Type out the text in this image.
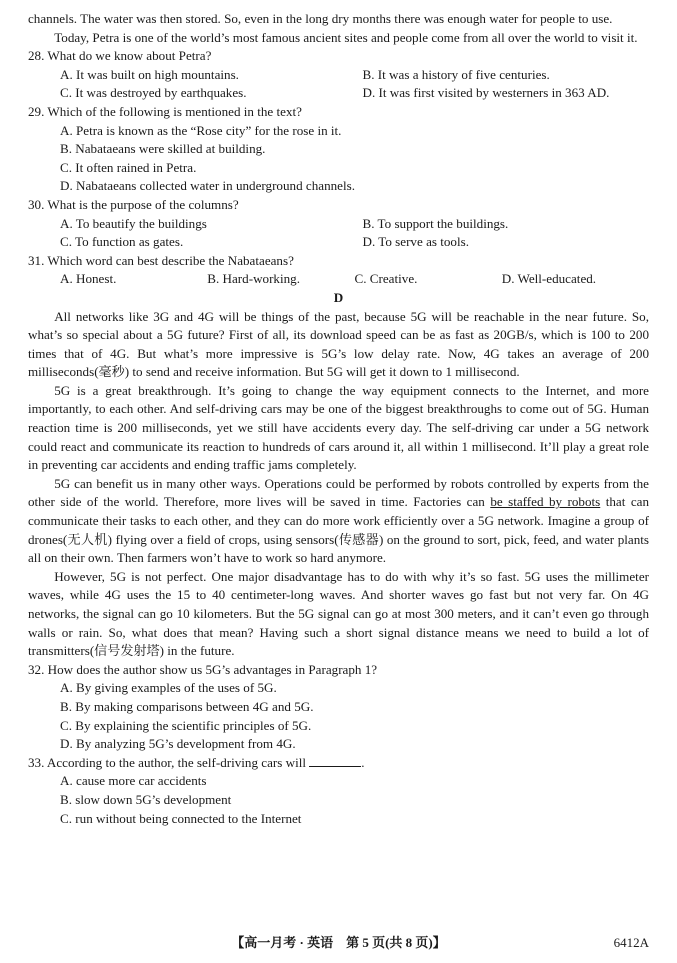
channels. The water was then stored. So, even in the long dry months there was enough water for people to use.

Today, Petra is one of the world’s most famous ancient sites and people come from all over the world to visit it.

28. What do we know about Petra?
A. It was built on high mountains.	B. It was a history of five centuries.
C. It was destroyed by earthquakes.	D. It was first visited by westerners in 363 AD.
29. Which of the following is mentioned in the text?
A. Petra is known as the “Rose city” for the rose in it.
B. Nabataeans were skilled at building.
C. It often rained in Petra.
D. Nabataeans collected water in underground channels.
30. What is the purpose of the columns?
A. To beautify the buildings	B. To support the buildings.
C. To function as gates.	D. To serve as tools.
31. Which word can best describe the Nabataeans?
A. Honest.	B. Hard-working.	C. Creative.	D. Well-educated.
D

All networks like 3G and 4G will be things of the past, because 5G will be reachable in the near future. So, what’s so special about a 5G future? First of all, its download speed can be as fast as 20GB/s, which is 100 to 200 times that of 4G. But what’s more impressive is 5G’s low delay rate. Now, 4G takes an average of 200 milliseconds(毫秒) to send and receive information. But 5G will get it down to 1 millisecond.

5G is a great breakthrough. It’s going to change the way equipment connects to the Internet, and more importantly, to each other. And self-driving cars may be one of the biggest breakthroughs to come out of 5G. Human reaction time is 200 milliseconds, yet we still have accidents every day. The self-driving car under a 5G network could react and communicate its reaction to hundreds of cars around it, all within 1 millisecond. It’ll play a great role in preventing car accidents and ending traffic jams completely.

5G can benefit us in many other ways. Operations could be performed by robots controlled by experts from the other side of the world. Therefore, more lives will be saved in time. Factories can be staffed by robots that can communicate their tasks to each other, and they can do more work efficiently over a 5G network. Imagine a group of drones(无人机) flying over a field of crops, using sensors(传感器) on the ground to sort, pick, feed, and water plants all on their own. Then farmers won’t have to work so hard anymore.

However, 5G is not perfect. One major disadvantage has to do with why it’s so fast. 5G uses the millimeter waves, while 4G uses the 15 to 40 centimeter-long waves. And shorter waves go fast but not very far. On 4G networks, the signal can go 10 kilometers. But the 5G signal can go at most 300 meters, and it can’t even go through walls or rain. So, what does that mean? Having such a short signal distance means we need to build a lot of transmitters(信号发射塔) in the future.

32. How does the author show us 5G’s advantages in Paragraph 1?
A. By giving examples of the uses of 5G.
B. By making comparisons between 4G and 5G.
C. By explaining the scientific principles of 5G.
D. By analyzing 5G’s development from 4G.
33. According to the author, the self-driving cars will	.
A. cause more car accidents
B. slow down 5G’s development
C. run without being connected to the Internet
【高一月考 · 英语　第 5 页(共 8 页)】	6412A
